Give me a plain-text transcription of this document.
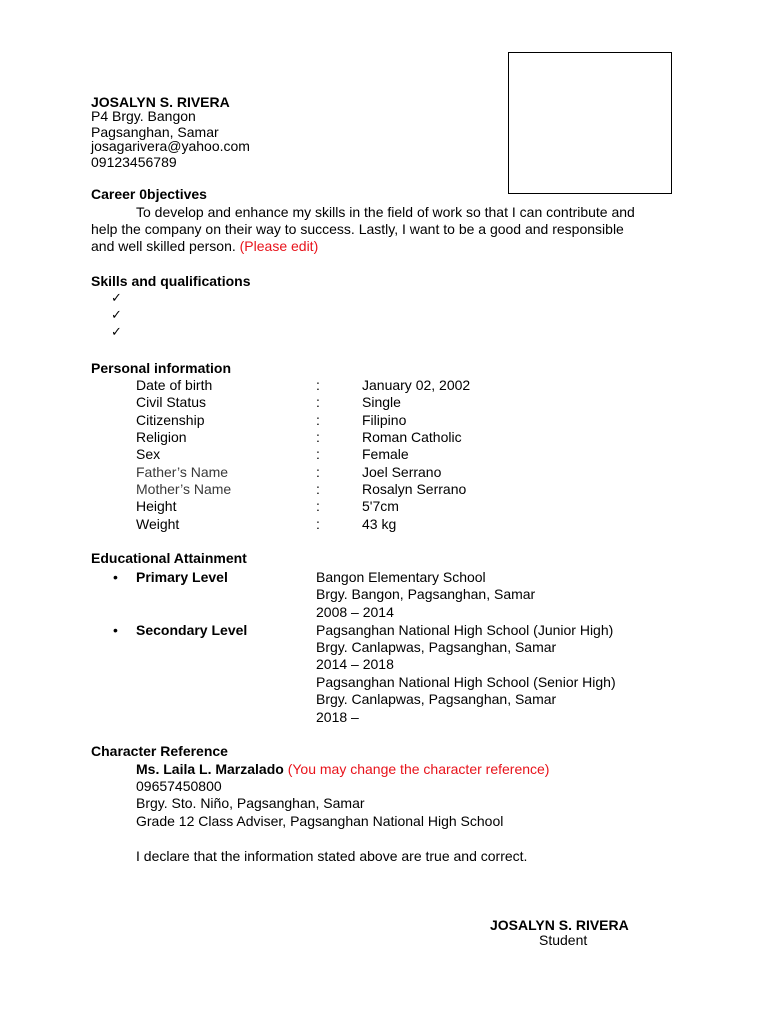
JOSALYN S. RIVERA
P4 Brgy. Bangon
Pagsanghan, Samar
josagarivera@yahoo.com
09123456789
Career 0bjectives
To develop and enhance my skills in the field of work so that I can contribute and
help the company on their way to success. Lastly, I want to be a good and responsible
and well skilled person. (Please edit)
Skills and qualifications
✓
✓
✓
Personal information
Date of birth	:	January 02, 2002
Civil Status	:	Single
Citizenship	:	Filipino
Religion	:	Roman Catholic
Sex	:	Female
Father’s Name	:	Joel Serrano
Mother’s Name	:	Rosalyn Serrano
Height	:	5'7cm
Weight	:	43 kg
Educational Attainment
• Primary Level	Bangon Elementary School
Brgy. Bangon, Pagsanghan, Samar
2008 – 2014
• Secondary Level	Pagsanghan National High School (Junior High)
Brgy. Canlapwas, Pagsanghan, Samar
2014 – 2018
Pagsanghan National High School (Senior High)
Brgy. Canlapwas, Pagsanghan, Samar
2018 –
Character Reference
Ms. Laila L. Marzalado (You may change the character reference)
09657450800
Brgy. Sto. Niño, Pagsanghan, Samar
Grade 12 Class Adviser, Pagsanghan National High School
I declare that the information stated above are true and correct.
JOSALYN S. RIVERA
Student
